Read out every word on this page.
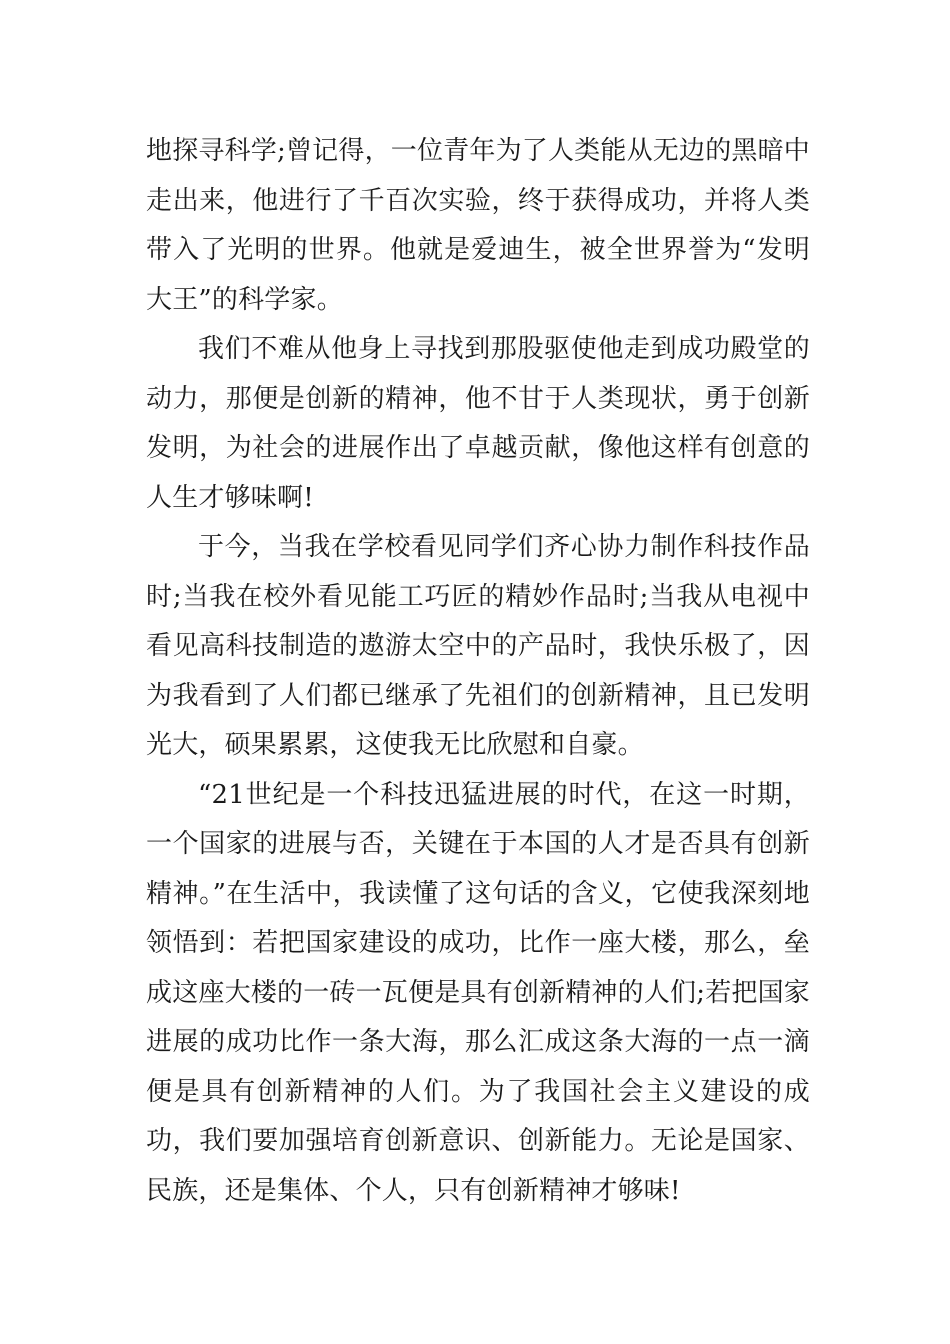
地探寻科学;曾记得，一位青年为了人类能从无边的黑暗中走出来，他进行了千百次实验，终于获得成功，并将人类带入了光明的世界。他就是爱迪生，被全世界誉为“发明大王”的科学家。

我们不难从他身上寻找到那股驱使他走到成功殿堂的动力，那便是创新的精神，他不甘于人类现状，勇于创新发明，为社会的进展作出了卓越贡献，像他这样有创意的人生才够味啊!

于今，当我在学校看见同学们齐心协力制作科技作品时;当我在校外看见能工巧匠的精妙作品时;当我从电视中看见高科技制造的遨游太空中的产品时，我快乐极了，因为我看到了人们都已继承了先祖们的创新精神，且已发明光大，硕果累累，这使我无比欣慰和自豪。

“21世纪是一个科技迅猛进展的时代，在这一时期，一个国家的进展与否，关键在于本国的人才是否具有创新精神。”在生活中，我读懂了这句话的含义，它使我深刻地领悟到：若把国家建设的成功，比作一座大楼，那么，垒成这座大楼的一砖一瓦便是具有创新精神的人们;若把国家进展的成功比作一条大海，那么汇成这条大海的一点一滴便是具有创新精神的人们。为了我国社会主义建设的成功，我们要加强培育创新意识、创新能力。无论是国家、民族，还是集体、个人，只有创新精神才够味!
